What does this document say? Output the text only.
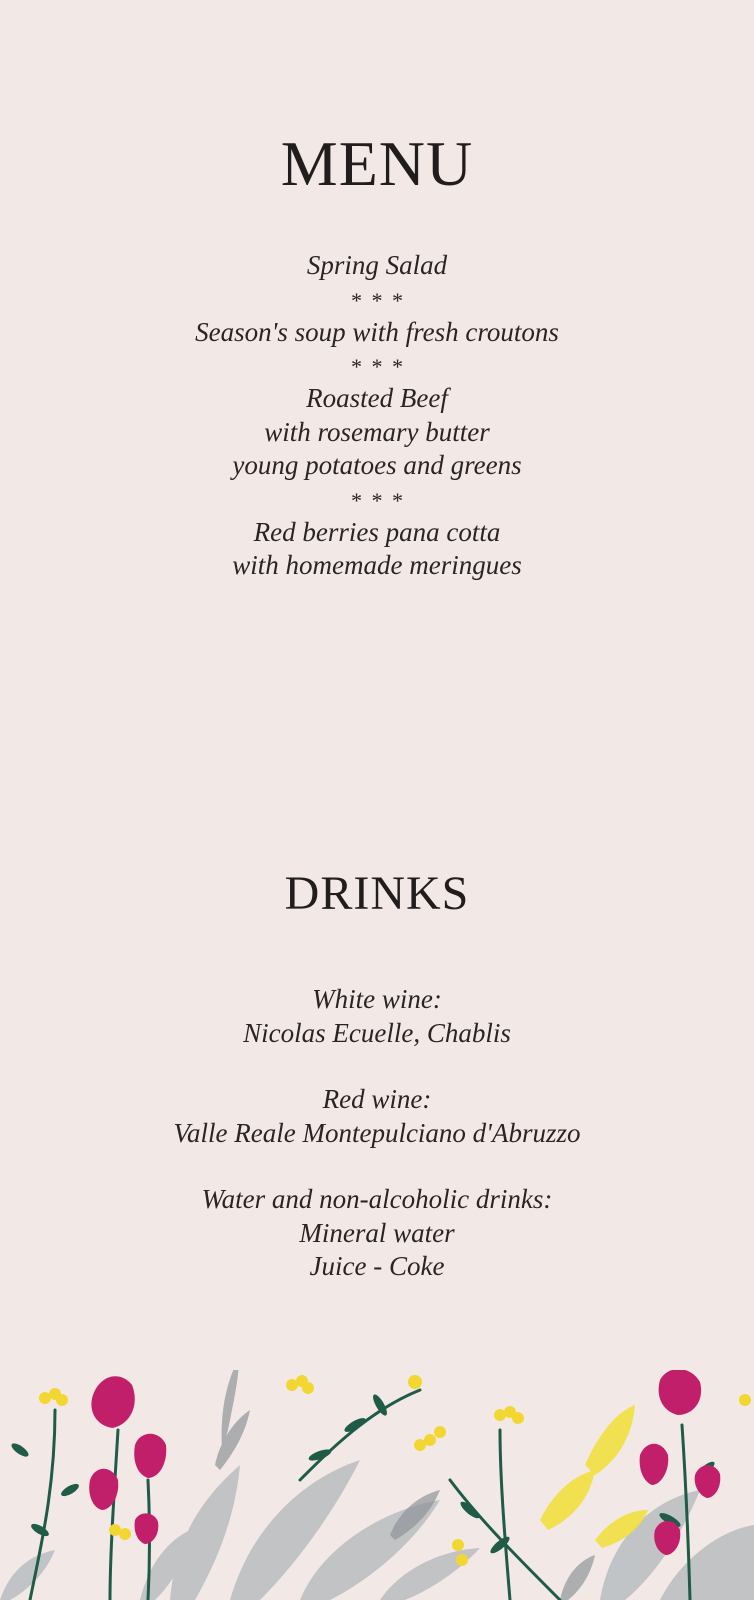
MENU
Spring Salad
* * *
Season's soup with fresh croutons
* * *
Roasted Beef
with rosemary butter
young potatoes and greens
* * *
Red berries pana cotta
with homemade meringues
DRINKS
White wine:
Nicolas Ecuelle, Chablis
Red wine:
Valle Reale Montepulciano d'Abruzzo
Water and non-alcoholic drinks:
Mineral water
Juice - Coke
